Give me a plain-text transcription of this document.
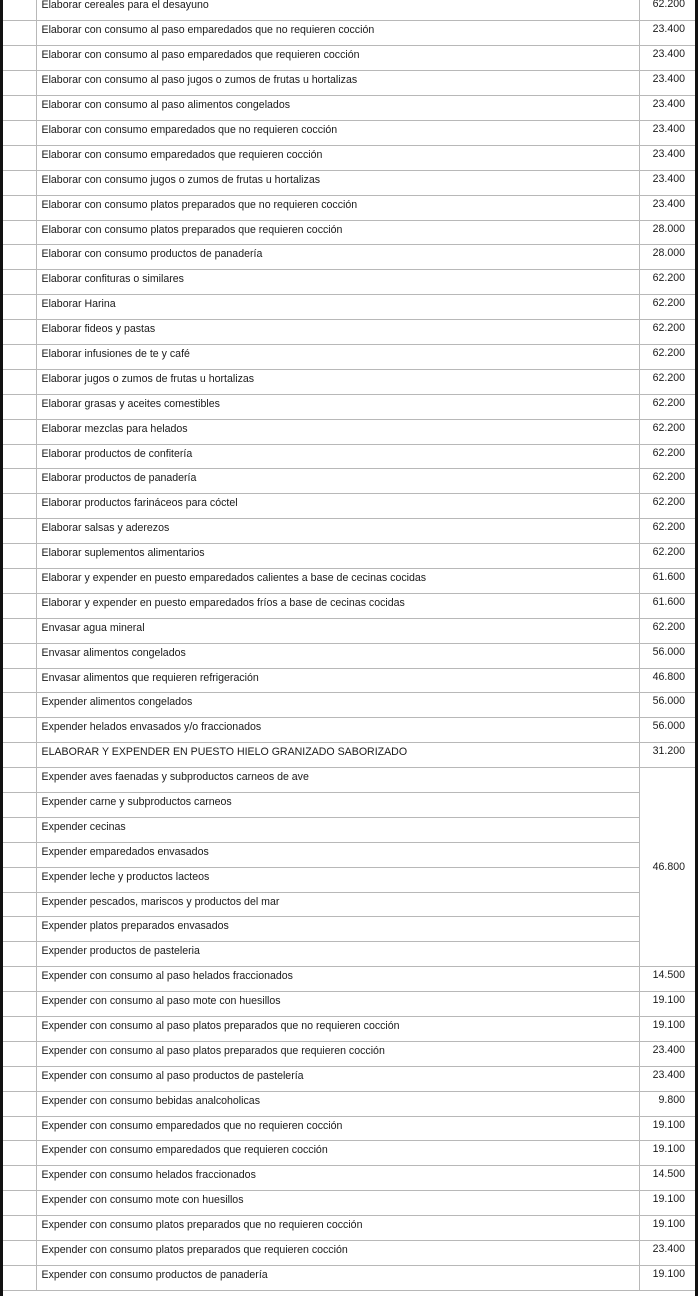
	Elaborar cereales para el desayuno	62.200
	Elaborar con consumo al paso emparedados que no requieren cocción	23.400
	Elaborar con consumo al paso emparedados que requieren cocción	23.400
	Elaborar con consumo al paso jugos o zumos de frutas u hortalizas	23.400
	Elaborar con consumo al paso alimentos congelados	23.400
	Elaborar con consumo emparedados que no requieren cocción	23.400
	Elaborar con consumo emparedados que requieren cocción	23.400
	Elaborar con consumo jugos o zumos de frutas u hortalizas	23.400
	Elaborar con consumo platos preparados que no requieren cocción	23.400
	Elaborar con consumo platos preparados que requieren cocción	28.000
	Elaborar con consumo productos de panadería	28.000
	Elaborar confituras o similares	62.200
	Elaborar Harina	62.200
	Elaborar fideos y pastas	62.200
	Elaborar infusiones de te y café	62.200
	Elaborar jugos o zumos de frutas u hortalizas	62.200
	Elaborar grasas y aceites comestibles	62.200
	Elaborar mezclas para helados	62.200
	Elaborar productos de confitería	62.200
	Elaborar productos de panadería	62.200
	Elaborar productos farináceos para cóctel	62.200
	Elaborar salsas y aderezos	62.200
	Elaborar suplementos alimentarios	62.200
	Elaborar y expender en puesto emparedados calientes a base de cecinas cocidas	61.600
	Elaborar y expender en puesto emparedados fríos a base de cecinas cocidas	61.600
	Envasar agua mineral	62.200
	Envasar alimentos congelados	56.000
	Envasar alimentos que requieren refrigeración	46.800
	Expender alimentos congelados	56.000
	Expender helados envasados y/o fraccionados	56.000
	ELABORAR Y EXPENDER EN PUESTO HIELO GRANIZADO SABORIZADO	31.200
	Expender aves faenadas y subproductos carneos de ave	46.800
	Expender carne y subproductos carneos	
	Expender cecinas	
	Expender emparedados envasados	
	Expender leche y productos lacteos	
	Expender pescados, mariscos y productos del mar	
	Expender platos preparados envasados	
	Expender productos de pasteleria	
	Expender con consumo al paso helados fraccionados	14.500
	Expender con consumo al paso mote con huesillos	19.100
	Expender con consumo al paso platos preparados que no requieren cocción	19.100
	Expender con consumo al paso platos preparados que requieren cocción	23.400
	Expender con consumo al paso productos de pastelería	23.400
	Expender con consumo bebidas analcoholicas	9.800
	Expender con consumo emparedados que no requieren cocción	19.100
	Expender con consumo emparedados que requieren cocción	19.100
	Expender con consumo helados fraccionados	14.500
	Expender con consumo mote con huesillos	19.100
	Expender con consumo platos preparados que no requieren cocción	19.100
	Expender con consumo platos preparados que requieren cocción	23.400
	Expender con consumo productos de panadería	19.100
